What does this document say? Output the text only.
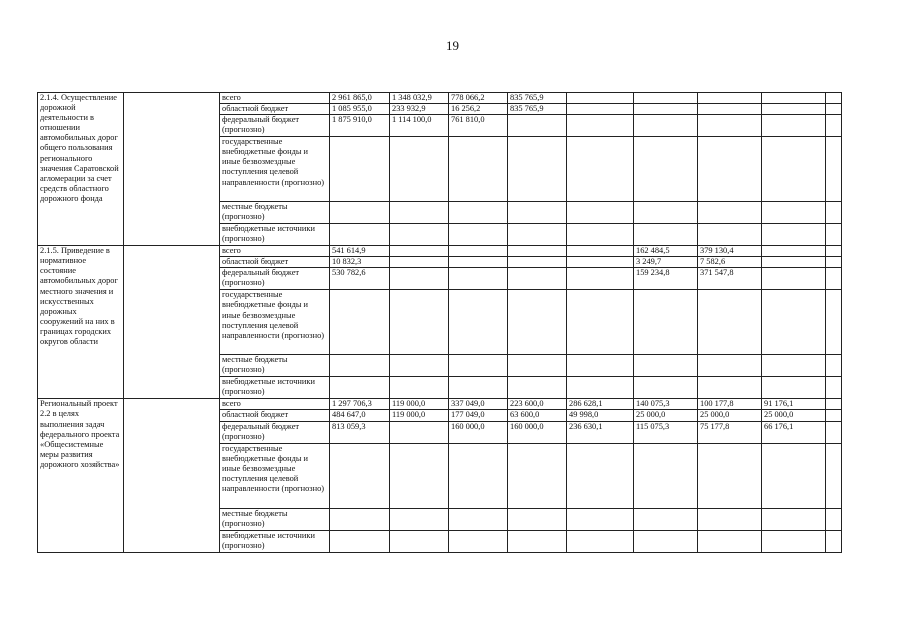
19
2.1.4. Осуществление дорожной деятельности в отношении автомобильных дорог общего пользования регионального значения Саратовской агломерации за счет средств областного дорожного фонда		всего	2 961 865,0	1 348 032,9	778 066,2	835 765,9					
		областной бюджет	1 085 955,0	233 932,9	16 256,2	835 765,9					
		федеральный бюджет (прогнозно)	1 875 910,0	1 114 100,0	761 810,0						
		государственные внебюджетные фонды и иные безвозмездные поступления целевой направленности (прогнозно)									
		местные бюджеты (прогнозно)									
		внебюджетные источники (прогнозно)									
2.1.5. Приведение в нормативное состояние автомобильных дорог местного значения и искусственных дорожных сооружений на них в границах городских округов области		всего	541 614,9					162 484,5	379 130,4		
		областной бюджет	10 832,3					3 249,7	7 582,6		
		федеральный бюджет (прогнозно)	530 782,6					159 234,8	371 547,8		
		государственные внебюджетные фонды и иные безвозмездные поступления целевой направленности (прогнозно)									
		местные бюджеты (прогнозно)									
		внебюджетные источники (прогнозно)									
Региональный проект 2.2 в целях выполнения задач федерального проекта «Общесистемные меры развития дорожного хозяйства»		всего	1 297 706,3	119 000,0	337 049,0	223 600,0	286 628,1	140 075,3	100 177,8	91 176,1	
		областной бюджет	484 647,0	119 000,0	177 049,0	63 600,0	49 998,0	25 000,0	25 000,0	25 000,0	
		федеральный бюджет (прогнозно)	813 059,3		160 000,0	160 000,0	236 630,1	115 075,3	75 177,8	66 176,1	
		государственные внебюджетные фонды и иные безвозмездные поступления целевой направленности (прогнозно)									
		местные бюджеты (прогнозно)									
		внебюджетные источники (прогнозно)									
